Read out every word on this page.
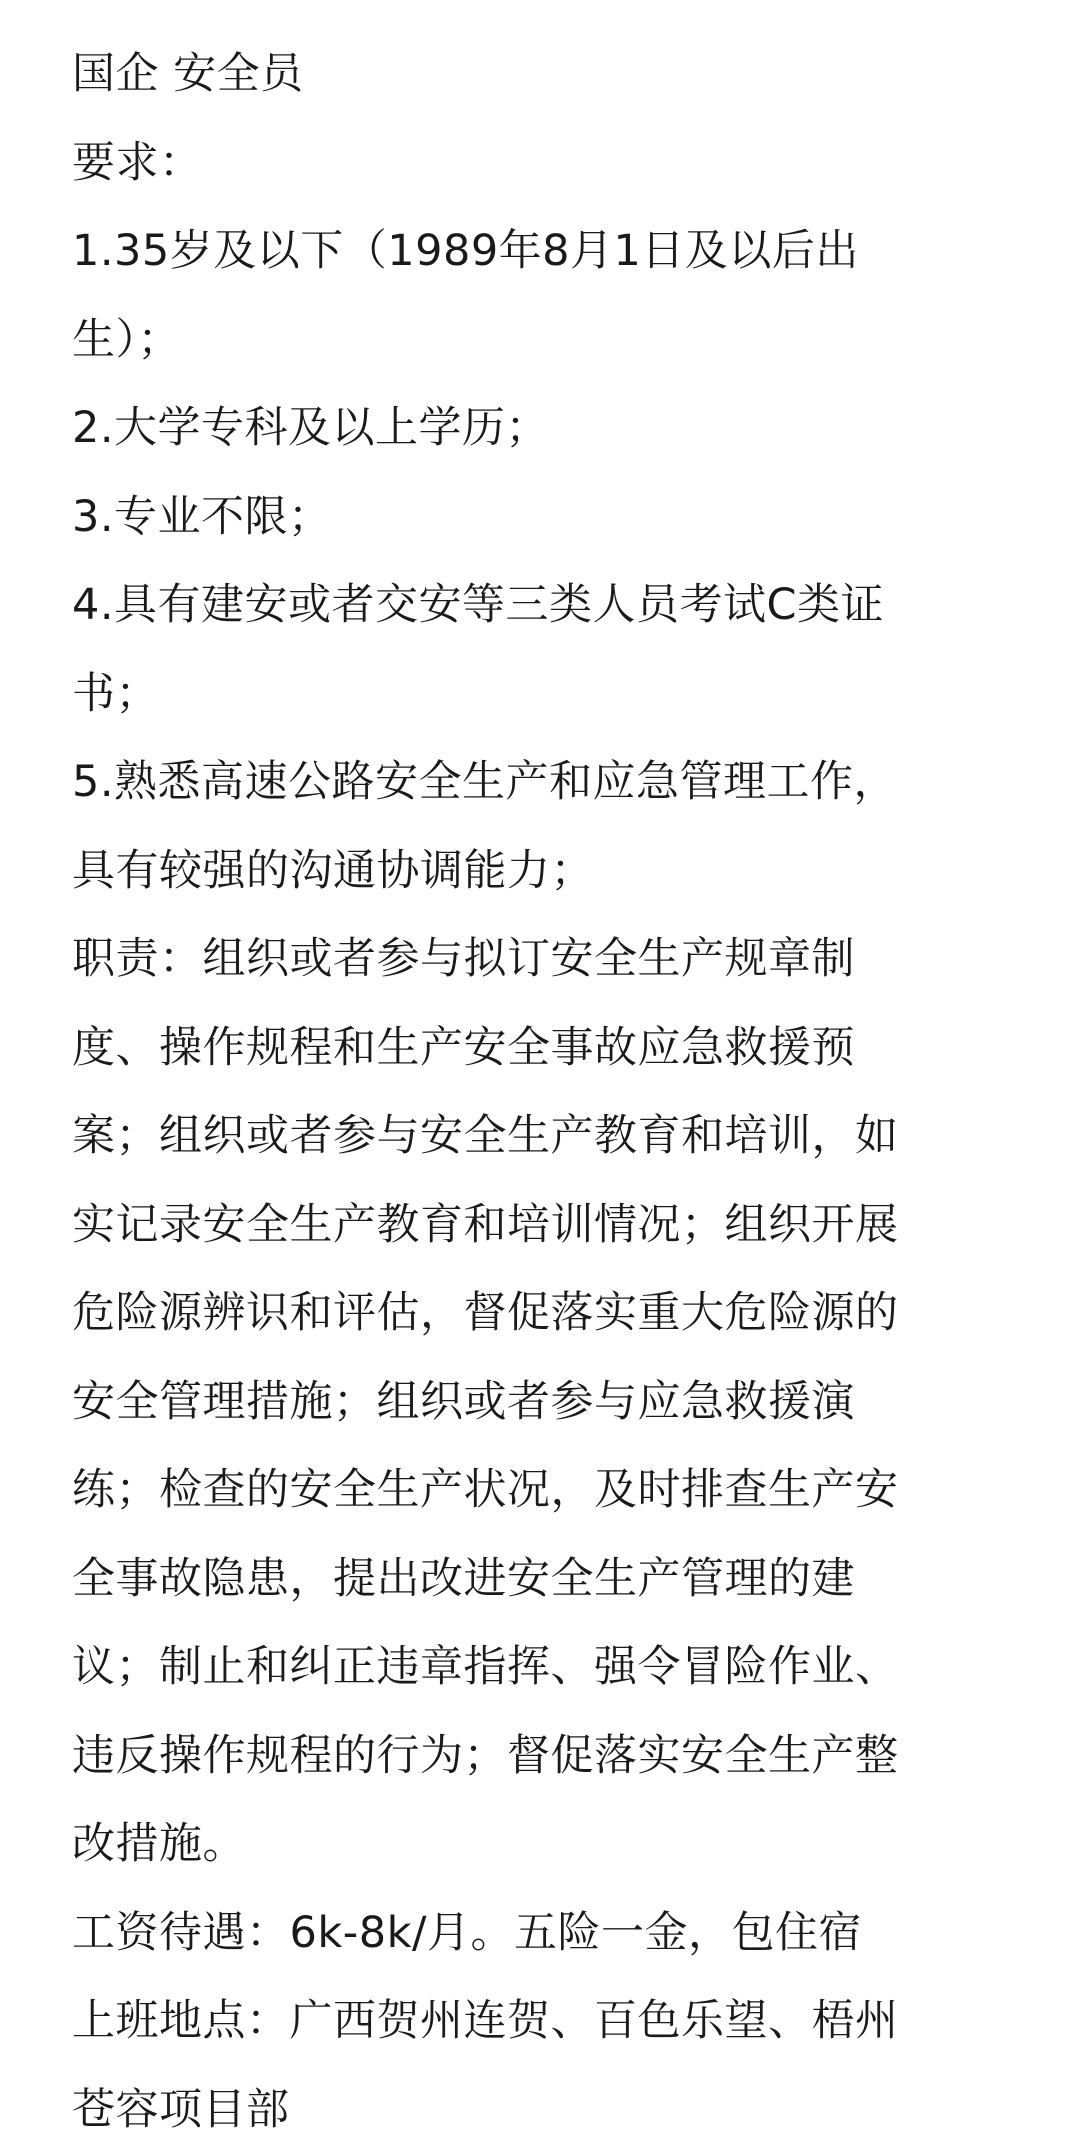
国企 安全员
要求：
1.35岁及以下（1989年8月1日及以后出
生）；
2.大学专科及以上学历；
3.专业不限；
4.具有建安或者交安等三类人员考试C类证
书；
5.熟悉高速公路安全生产和应急管理工作，
具有较强的沟通协调能力；
职责：组织或者参与拟订安全生产规章制
度、操作规程和生产安全事故应急救援预
案；组织或者参与安全生产教育和培训，如
实记录安全生产教育和培训情况；组织开展
危险源辨识和评估，督促落实重大危险源的
安全管理措施；组织或者参与应急救援演
练；检查的安全生产状况，及时排查生产安
全事故隐患，提出改进安全生产管理的建
议；制止和纠正违章指挥、强令冒险作业、
违反操作规程的行为；督促落实安全生产整
改措施。
工资待遇：6k-8k/月。五险一金，包住宿
上班地点：广西贺州连贺、百色乐望、梧州
苍容项目部
